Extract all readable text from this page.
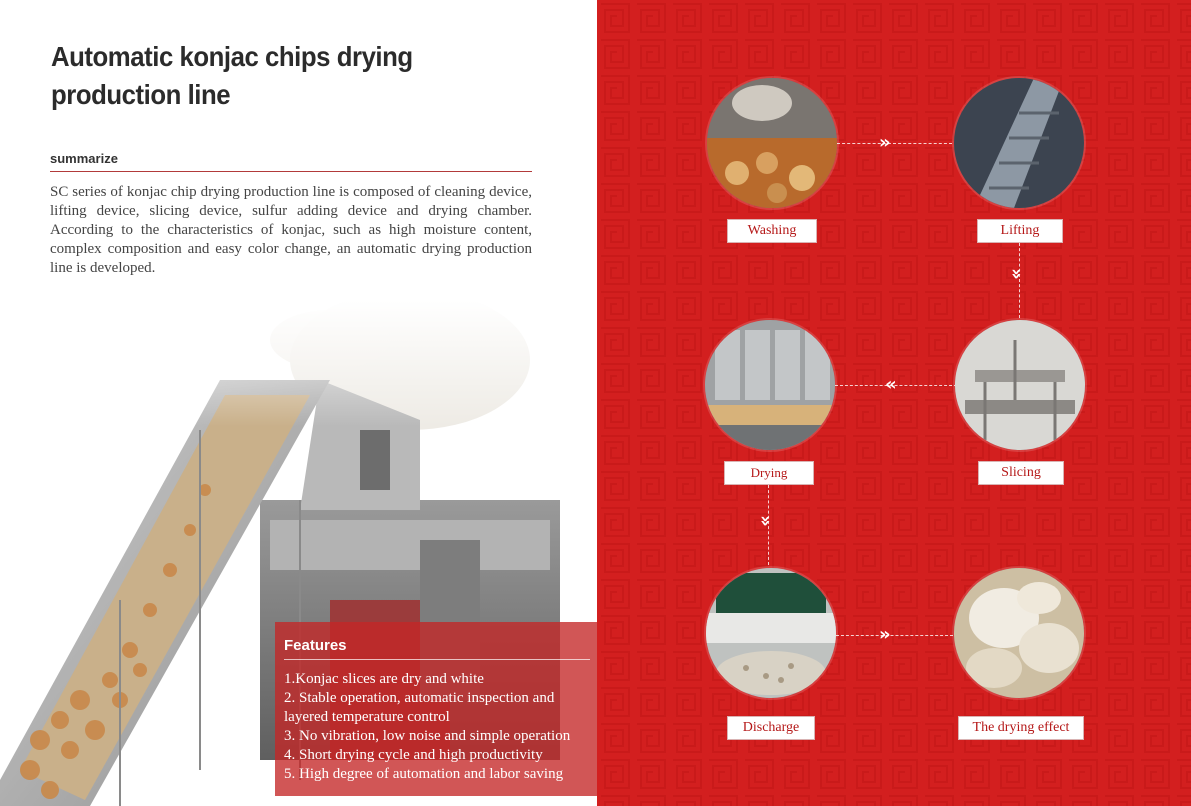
Automatic konjac chips drying production line
summarize

SC series of konjac chip drying production line is composed of cleaning device, lifting device, slicing device, sulfur adding device and drying chamber. According to the characteristics of konjac, such as high moisture content, complex composition and easy color change, an automatic drying production line is developed.

Features
1.Konjac slices are dry and white
2. Stable operation, automatic inspection and layered temperature control
3. No vibration, low noise and simple operation
4. Short drying cycle and high productivity
5. High degree of automation and labor saving
»
Washing	Lifting
»
«
Drying	Slicing
»
»
Discharge	The drying effect
